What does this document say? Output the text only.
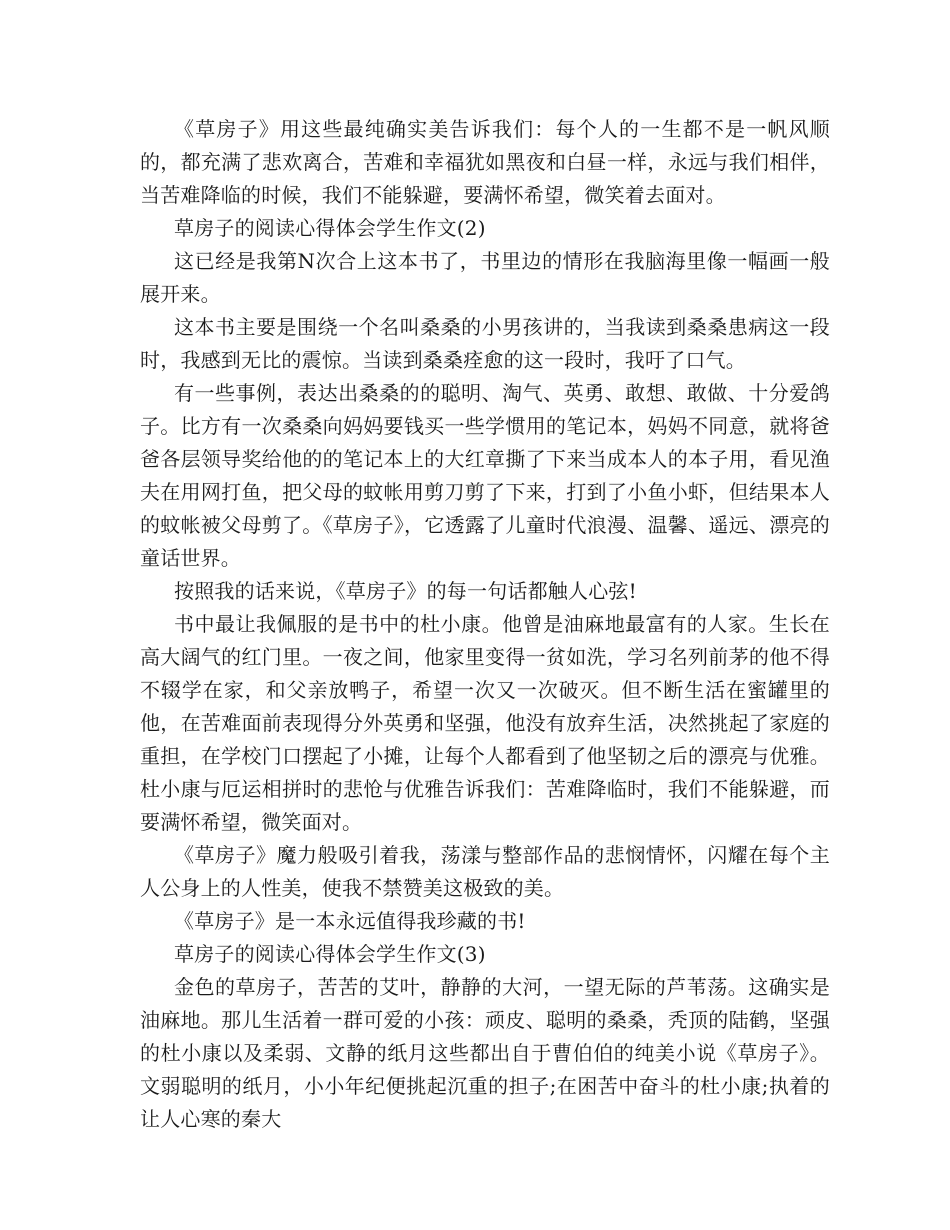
《草房子》用这些最纯确实美告诉我们：每个人的一生都不是一帆风顺的，都充满了悲欢离合，苦难和幸福犹如黑夜和白昼一样，永远与我们相伴，当苦难降临的时候，我们不能躲避，要满怀希望，微笑着去面对。

草房子的阅读心得体会学生作文(2)

这已经是我第N次合上这本书了，书里边的情形在我脑海里像一幅画一般展开来。

这本书主要是围绕一个名叫桑桑的小男孩讲的，当我读到桑桑患病这一段时，我感到无比的震惊。当读到桑桑痊愈的这一段时，我吁了口气。

有一些事例，表达出桑桑的的聪明、淘气、英勇、敢想、敢做、十分爱鸽子。比方有一次桑桑向妈妈要钱买一些学惯用的笔记本，妈妈不同意，就将爸爸各层领导奖给他的的笔记本上的大红章撕了下来当成本人的本子用，看见渔夫在用网打鱼，把父母的蚊帐用剪刀剪了下来，打到了小鱼小虾，但结果本人的蚊帐被父母剪了。《草房子》，它透露了儿童时代浪漫、温馨、遥远、漂亮的童话世界。

按照我的话来说，《草房子》的每一句话都触人心弦!

书中最让我佩服的是书中的杜小康。他曾是油麻地最富有的人家。生长在高大阔气的红门里。一夜之间，他家里变得一贫如洗，学习名列前茅的他不得不辍学在家，和父亲放鸭子，希望一次又一次破灭。但不断生活在蜜罐里的他，在苦难面前表现得分外英勇和坚强，他没有放弃生活，决然挑起了家庭的重担，在学校门口摆起了小摊，让每个人都看到了他坚韧之后的漂亮与优雅。杜小康与厄运相拼时的悲怆与优雅告诉我们：苦难降临时，我们不能躲避，而要满怀希望，微笑面对。

《草房子》魔力般吸引着我，荡漾与整部作品的悲悯情怀，闪耀在每个主人公身上的人性美，使我不禁赞美这极致的美。

《草房子》是一本永远值得我珍藏的书!

草房子的阅读心得体会学生作文(3)

金色的草房子，苦苦的艾叶，静静的大河，一望无际的芦苇荡。这确实是油麻地。那儿生活着一群可爱的小孩：顽皮、聪明的桑桑，秃顶的陆鹤，坚强的杜小康以及柔弱、文静的纸月这些都出自于曹伯伯的纯美小说《草房子》。 文弱聪明的纸月，小小年纪便挑起沉重的担子;在困苦中奋斗的杜小康;执着的让人心寒的秦大
